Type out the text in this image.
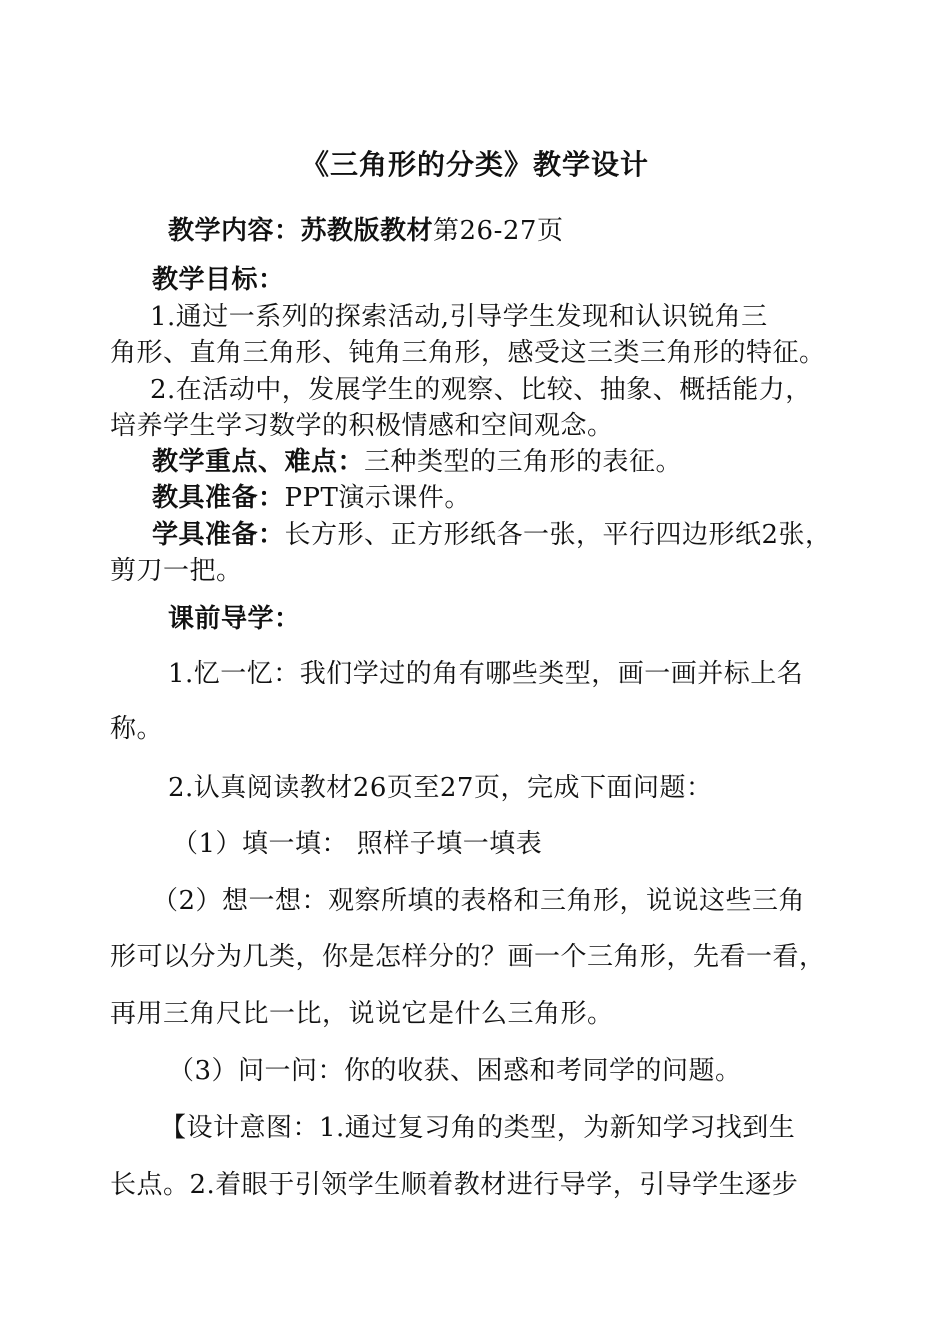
《三角形的分类》教学设计
教学内容：苏教版教材第26-27页
教学目标：
1.通过一系列的探索活动,引导学生发现和认识锐角三
角形、直角三角形、钝角三角形，感受这三类三角形的特征。
2.在活动中，发展学生的观察、比较、抽象、概括能力，
培养学生学习数学的积极情感和空间观念。
教学重点、难点：三种类型的三角形的表征。
教具准备：PPT演示课件。
学具准备：长方形、正方形纸各一张，平行四边形纸2张，
剪刀一把。
课前导学：
1.忆一忆：我们学过的角有哪些类型，画一画并标上名
称。
2.认真阅读教材26页至27页，完成下面问题：
（1）填一填： 照样子填一填表
（2）想一想：观察所填的表格和三角形，说说这些三角
形可以分为几类，你是怎样分的？画一个三角形，先看一看，
再用三角尺比一比，说说它是什么三角形。
（3）问一问：你的收获、困惑和考同学的问题。
【设计意图：1.通过复习角的类型，为新知学习找到生
长点。2.着眼于引领学生顺着教材进行导学，引导学生逐步
